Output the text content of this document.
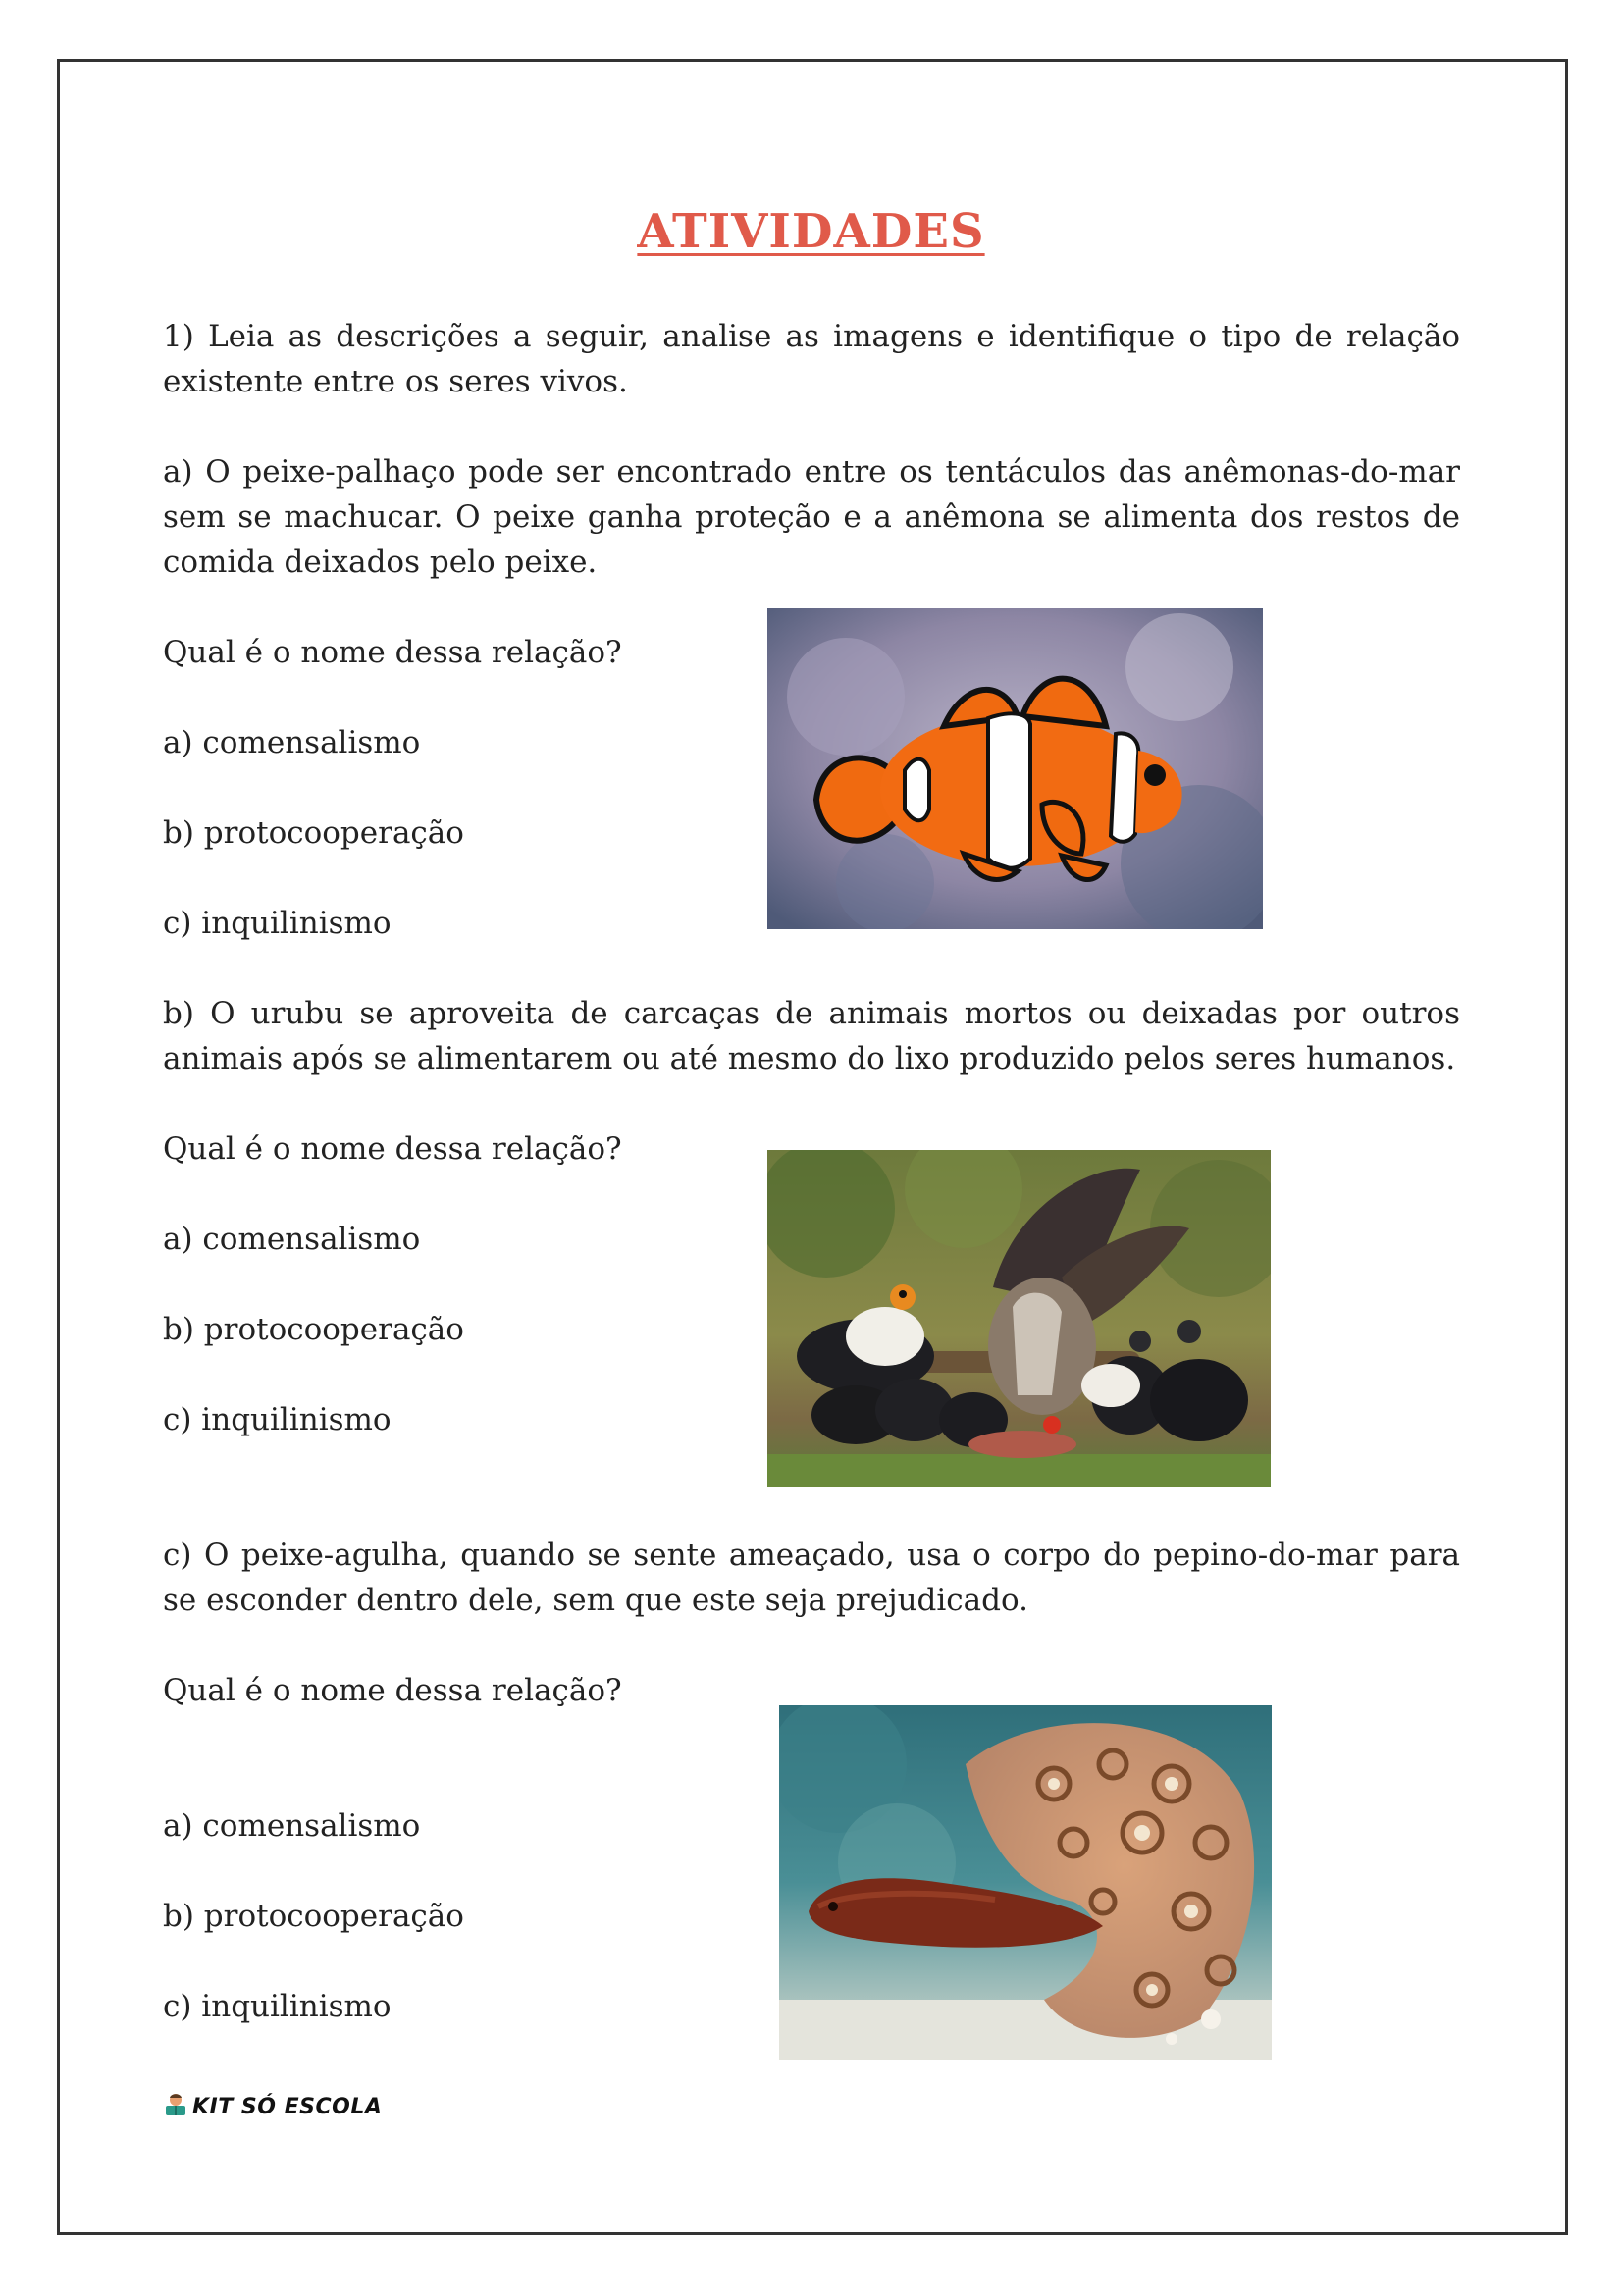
ATIVIDADES
1) Leia as descrições a seguir, analise as imagens e identifique o tipo de relação existente entre os seres vivos.
a) O peixe-palhaço pode ser encontrado entre os tentáculos das anêmonas-do-mar sem se machucar. O peixe ganha proteção e a anêmona se alimenta dos restos de comida deixados pelo peixe.
Qual é o nome dessa relação?
a) comensalismo
b) protocooperação
c) inquilinismo
b) O urubu se aproveita de carcaças de animais mortos ou deixadas por outros animais após se alimentarem ou até mesmo do lixo produzido pelos seres humanos.
Qual é o nome dessa relação?
a) comensalismo
b) protocooperação
c) inquilinismo
c) O peixe-agulha, quando se sente ameaçado, usa o corpo do pepino-do-mar para se esconder dentro dele, sem que este seja prejudicado.
Qual é o nome dessa relação?
a) comensalismo
b) protocooperação
c) inquilinismo
KIT SÓ ESCOLA
